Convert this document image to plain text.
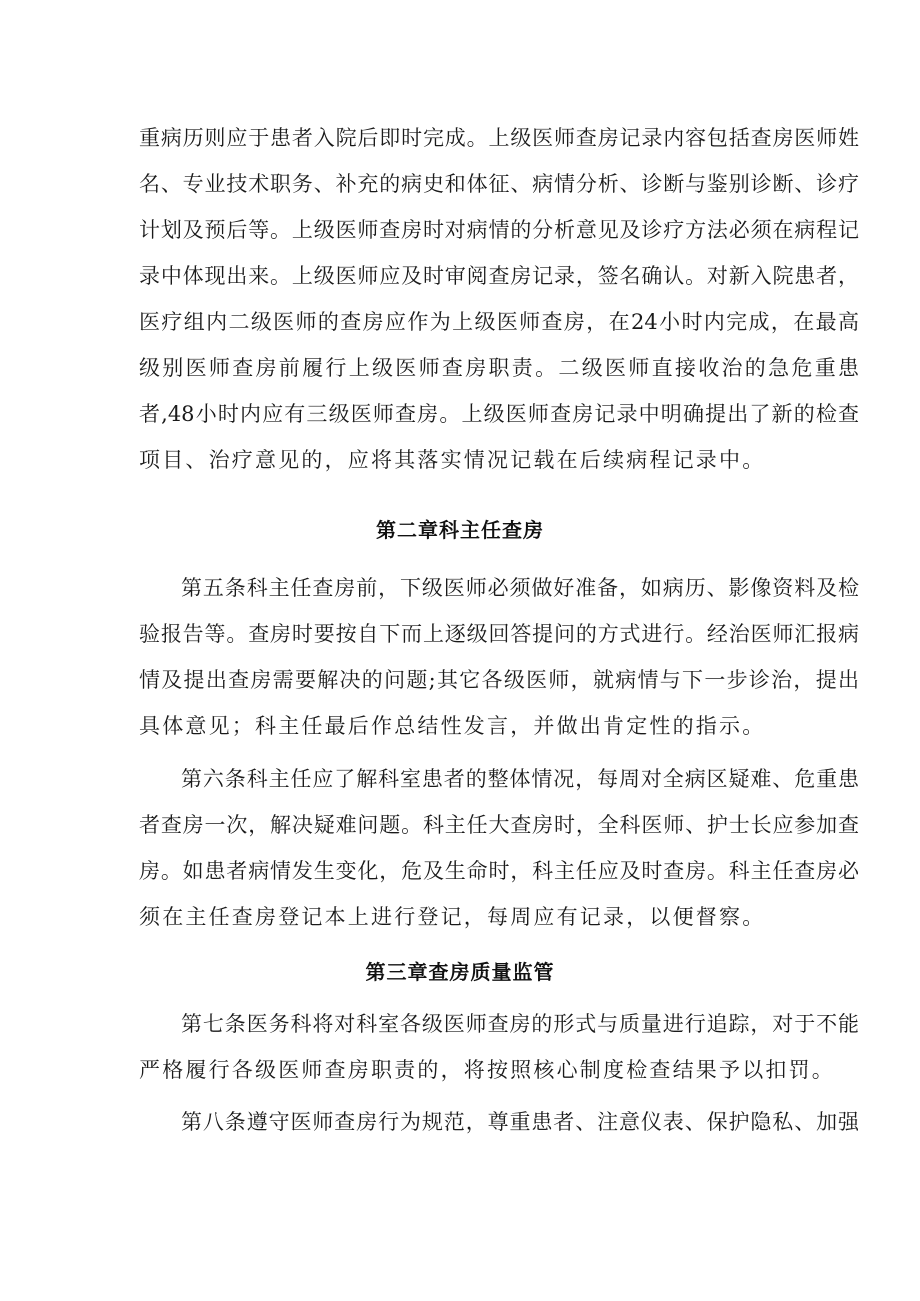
重病历则应于患者入院后即时完成。上级医师查房记录内容包括查房医师姓
名、专业技术职务、补充的病史和体征、病情分析、诊断与鉴别诊断、诊疗
计划及预后等。上级医师查房时对病情的分析意见及诊疗方法必须在病程记
录中体现出来。上级医师应及时审阅查房记录，签名确认。对新入院患者，
医疗组内二级医师的查房应作为上级医师查房，在24小时内完成，在最高
级别医师查房前履行上级医师查房职责。二级医师直接收治的急危重患
者,48小时内应有三级医师查房。上级医师查房记录中明确提出了新的检查
项目、治疗意见的，应将其落实情况记载在后续病程记录中。
第二章科主任查房
第五条科主任查房前，下级医师必须做好准备，如病历、影像资料及检
验报告等。查房时要按自下而上逐级回答提问的方式进行。经治医师汇报病
情及提出查房需要解决的问题;其它各级医师，就病情与下一步诊治，提出
具体意见；科主任最后作总结性发言，并做出肯定性的指示。
第六条科主任应了解科室患者的整体情况，每周对全病区疑难、危重患
者查房一次，解决疑难问题。科主任大查房时，全科医师、护士长应参加查
房。如患者病情发生变化，危及生命时，科主任应及时查房。科主任查房必
须在主任查房登记本上进行登记，每周应有记录，以便督察。
第三章查房质量监管
第七条医务科将对科室各级医师查房的形式与质量进行追踪，对于不能
严格履行各级医师查房职责的，将按照核心制度检查结果予以扣罚。
第八条遵守医师查房行为规范，尊重患者、注意仪表、保护隐私、加强
